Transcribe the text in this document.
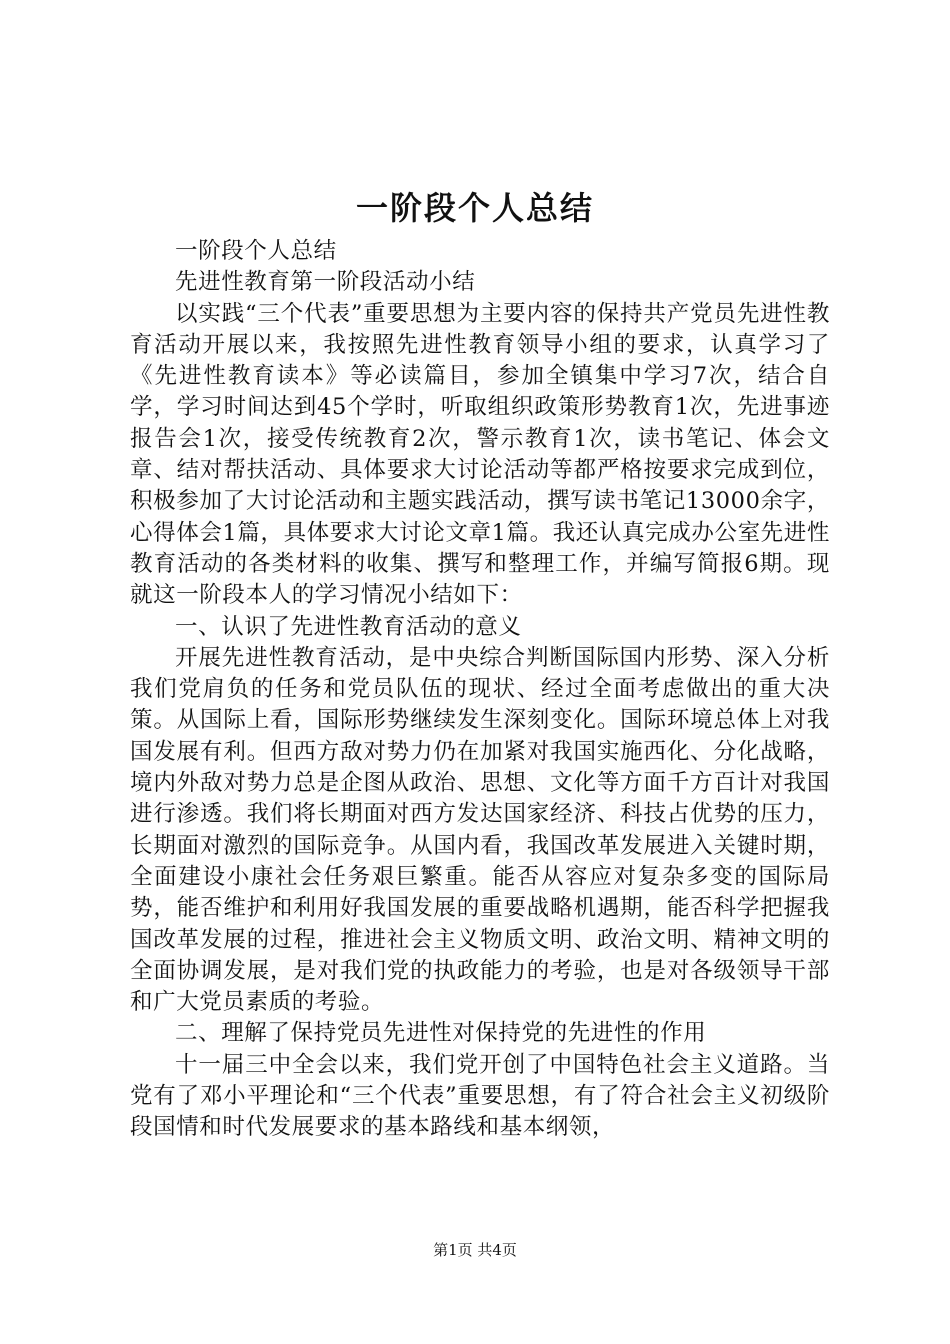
一阶段个人总结

一阶段个人总结

先进性教育第一阶段活动小结

以实践“三个代表”重要思想为主要内容的保持共产党员先进性教育活动开展以来，我按照先进性教育领导小组的要求，认真学习了《先进性教育读本》等必读篇目，参加全镇集中学习7次，结合自学，学习时间达到45个学时，听取组织政策形势教育1次，先进事迹报告会1次，接受传统教育2次，警示教育1次，读书笔记、体会文章、结对帮扶活动、具体要求大讨论活动等都严格按要求完成到位，积极参加了大讨论活动和主题实践活动，撰写读书笔记13000余字，心得体会1篇，具体要求大讨论文章1篇。我还认真完成办公室先进性教育活动的各类材料的收集、撰写和整理工作，并编写简报6期。现就这一阶段本人的学习情况小结如下：

一、认识了先进性教育活动的意义

开展先进性教育活动，是中央综合判断国际国内形势、深入分析我们党肩负的任务和党员队伍的现状、经过全面考虑做出的重大决策。从国际上看，国际形势继续发生深刻变化。国际环境总体上对我国发展有利。但西方敌对势力仍在加紧对我国实施西化、分化战略，境内外敌对势力总是企图从政治、思想、文化等方面千方百计对我国进行渗透。我们将长期面对西方发达国家经济、科技占优势的压力，长期面对激烈的国际竞争。从国内看，我国改革发展进入关键时期，全面建设小康社会任务艰巨繁重。能否从容应对复杂多变的国际局势，能否维护和利用好我国发展的重要战略机遇期，能否科学把握我国改革发展的过程，推进社会主义物质文明、政治文明、精神文明的全面协调发展，是对我们党的执政能力的考验，也是对各级领导干部和广大党员素质的考验。

二、理解了保持党员先进性对保持党的先进性的作用

十一届三中全会以来，我们党开创了中国特色社会主义道路。当党有了邓小平理论和“三个代表”重要思想，有了符合社会主义初级阶段国情和时代发展要求的基本路线和基本纲领，

第1页 共4页
